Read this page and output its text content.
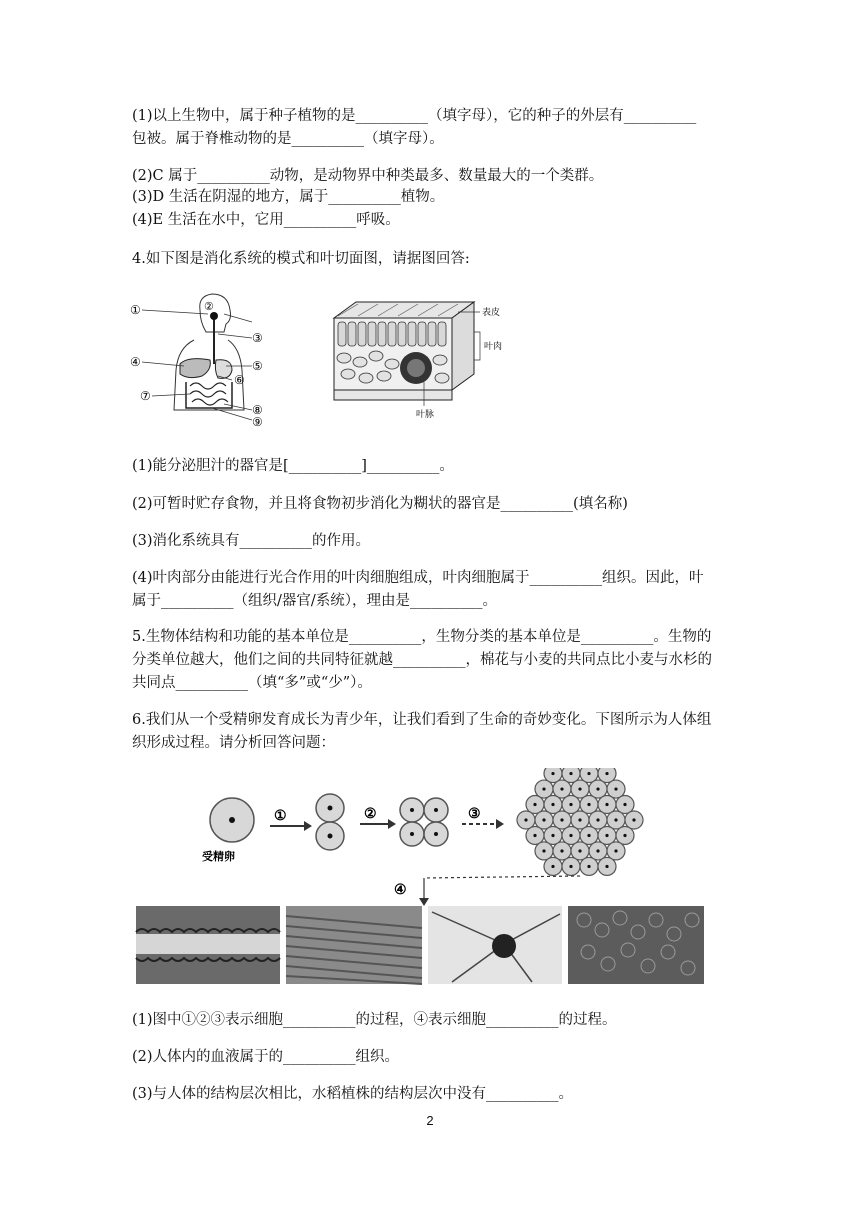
(1)以上生物中，属于种子植物的是__________（填字母），它的种子的外层有__________
包被。属于脊椎动物的是__________（填字母）。
(2)C 属于__________动物，是动物界中种类最多、数量最大的一个类群。
(3)D 生活在阴湿的地方，属于__________植物。
(4)E 生活在水中，它用__________呼吸。
4.如下图是消化系统的模式和叶切面图，请据图回答:
①	②
③
④	⑤
⑥
⑦
⑧
⑨
表皮
叶肉
叶脉
(1)能分泌胆汁的器官是[__________]__________。
(2)可暂时贮存食物，并且将食物初步消化为糊状的器官是__________(填名称)
(3)消化系统具有__________的作用。
(4)叶肉部分由能进行光合作用的叶肉细胞组成，叶肉细胞属于__________组织。因此，叶
属于__________（组织/器官/系统），理由是__________。
5.生物体结构和功能的基本单位是__________，生物分类的基本单位是__________。生物的
分类单位越大，他们之间的共同特征就越__________，棉花与小麦的共同点比小麦与水杉的
共同点__________（填“多”或“少”）。
6.我们从一个受精卵发育成长为青少年，让我们看到了生命的奇妙变化。下图所示为人体组
织形成过程。请分析回答问题：
受精卵
①	②	③
④
(1)图中①②③表示细胞__________的过程，④表示细胞__________的过程。
(2)人体内的血液属于的__________组织。
(3)与人体的结构层次相比，水稻植株的结构层次中没有__________。
2
